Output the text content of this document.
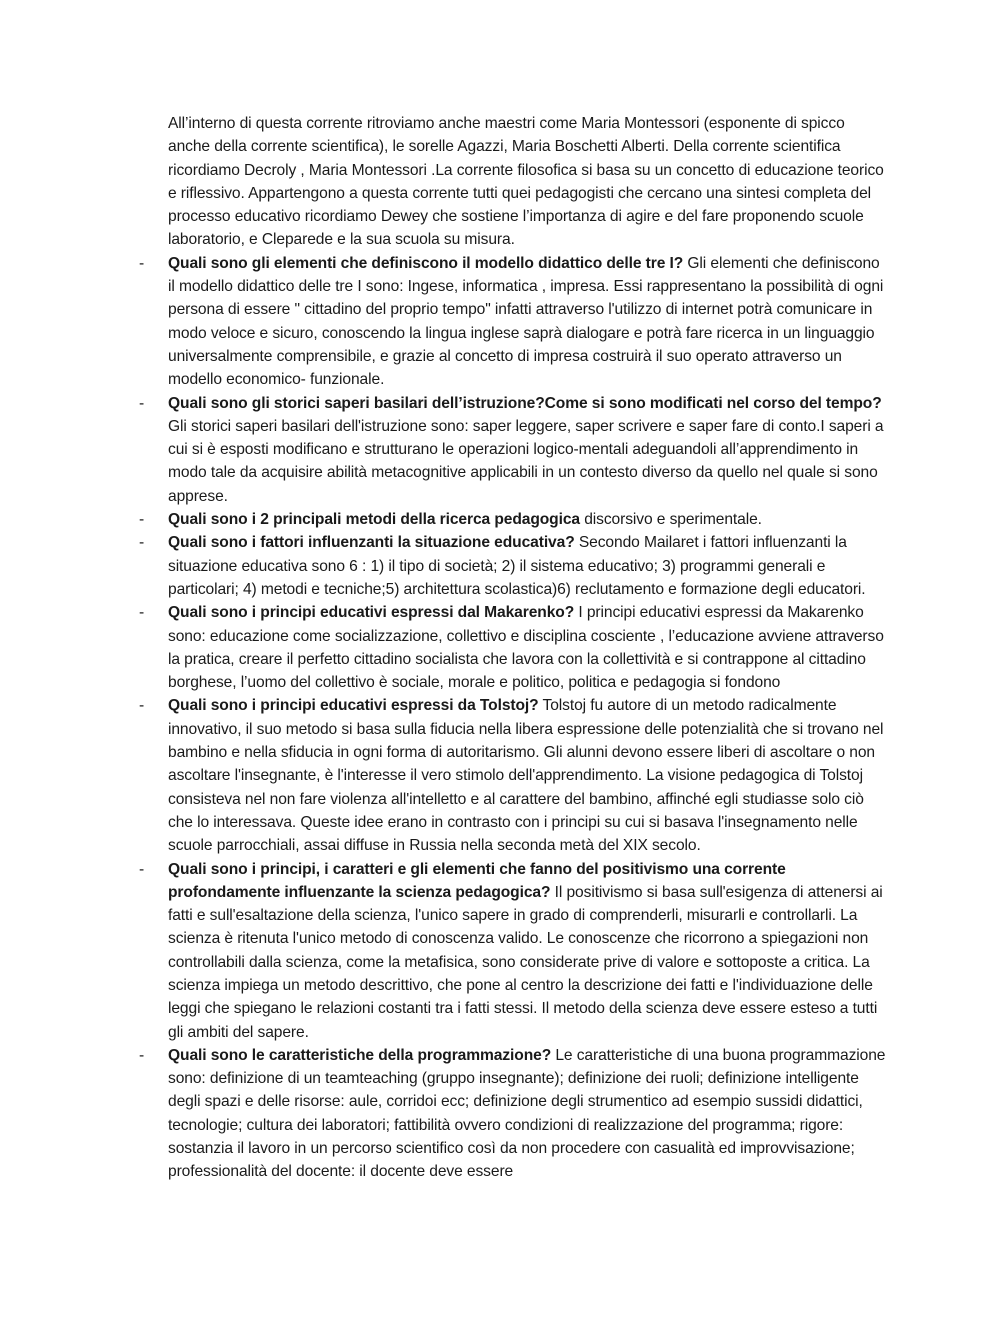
All’interno di questa corrente ritroviamo anche maestri come Maria Montessori (esponente di spicco anche della corrente scientifica), le sorelle Agazzi, Maria Boschetti Alberti. Della corrente scientifica ricordiamo Decroly , Maria Montessori .La corrente filosofica si basa su un concetto di educazione teorico e riflessivo. Appartengono a questa corrente tutti quei pedagogisti che cercano una sintesi completa del processo educativo ricordiamo Dewey che sostiene l’importanza di agire e del fare proponendo scuole laboratorio, e Cleparede e la sua scuola su misura.

- Quali sono gli elementi che definiscono il modello didattico delle tre I? Gli elementi che definiscono il modello didattico delle tre I sono: Ingese, informatica , impresa. Essi rappresentano la possibilità di ogni persona di essere " cittadino del proprio tempo" infatti attraverso l'utilizzo di internet potrà comunicare in modo veloce e sicuro, conoscendo la lingua inglese saprà dialogare e potrà fare ricerca in un linguaggio universalmente comprensibile, e grazie al concetto di impresa costruirà il suo operato attraverso un modello economico- funzionale.
- Quali sono gli storici saperi basilari dell’istruzione?Come si sono modificati nel corso del tempo? Gli storici saperi basilari dell'istruzione sono: saper leggere, saper scrivere e saper fare di conto.I saperi a cui si è esposti modificano e strutturano le operazioni logico-mentali adeguandoli all’apprendimento in modo tale da acquisire abilità metacognitive applicabili in un contesto diverso da quello nel quale si sono apprese.
- Quali sono i 2 principali metodi della ricerca pedagogica discorsivo e sperimentale.
- Quali sono i fattori influenzanti la situazione educativa? Secondo Mailaret i fattori influenzanti la situazione educativa sono 6 : 1) il tipo di società; 2) il sistema educativo; 3) programmi generali e particolari; 4) metodi e tecniche;5) architettura scolastica)6) reclutamento e formazione degli educatori.
- Quali sono i principi educativi espressi dal Makarenko? I principi educativi espressi da Makarenko sono: educazione come socializzazione, collettivo e disciplina cosciente , l’educazione avviene attraverso la pratica, creare il perfetto cittadino socialista che lavora con la collettività e si contrappone al cittadino borghese, l’uomo del collettivo è sociale, morale e politico, politica e pedagogia si fondono
- Quali sono i principi educativi espressi da Tolstoj? Tolstoj fu autore di un metodo radicalmente innovativo, il suo metodo si basa sulla fiducia nella libera espressione delle potenzialità che si trovano nel bambino e nella sfiducia in ogni forma di autoritarismo. Gli alunni devono essere liberi di ascoltare o non ascoltare l'insegnante, è l'interesse il vero stimolo dell'apprendimento. La visione pedagogica di Tolstoj consisteva nel non fare violenza all'intelletto e al carattere del bambino, affinché egli studiasse solo ciò che lo interessava. Queste idee erano in contrasto con i principi su cui si basava l'insegnamento nelle scuole parrocchiali, assai diffuse in Russia nella seconda metà del XIX secolo.
- Quali sono i principi, i caratteri e gli elementi che fanno del positivismo una corrente profondamente influenzante la scienza pedagogica? Il positivismo si basa sull'esigenza di attenersi ai fatti e sull'esaltazione della scienza, l'unico sapere in grado di comprenderli, misurarli e controllarli. La scienza è ritenuta l'unico metodo di conoscenza valido. Le conoscenze che ricorrono a spiegazioni non controllabili dalla scienza, come la metafisica, sono considerate prive di valore e sottoposte a critica. La scienza impiega un metodo descrittivo, che pone al centro la descrizione dei fatti e l'individuazione delle leggi che spiegano le relazioni costanti tra i fatti stessi. Il metodo della scienza deve essere esteso a tutti gli ambiti del sapere.
- Quali sono le caratteristiche della programmazione? Le caratteristiche di una buona programmazione sono: definizione di un teamteaching (gruppo insegnante); definizione dei ruoli; definizione intelligente degli spazi e delle risorse: aule, corridoi ecc; definizione degli strumentico ad esempio sussidi didattici, tecnologie; cultura dei laboratori; fattibilità ovvero condizioni di realizzazione del programma; rigore: sostanzia il lavoro in un percorso scientifico così da non procedere con casualità ed improvvisazione; professionalità del docente: il docente deve essere
